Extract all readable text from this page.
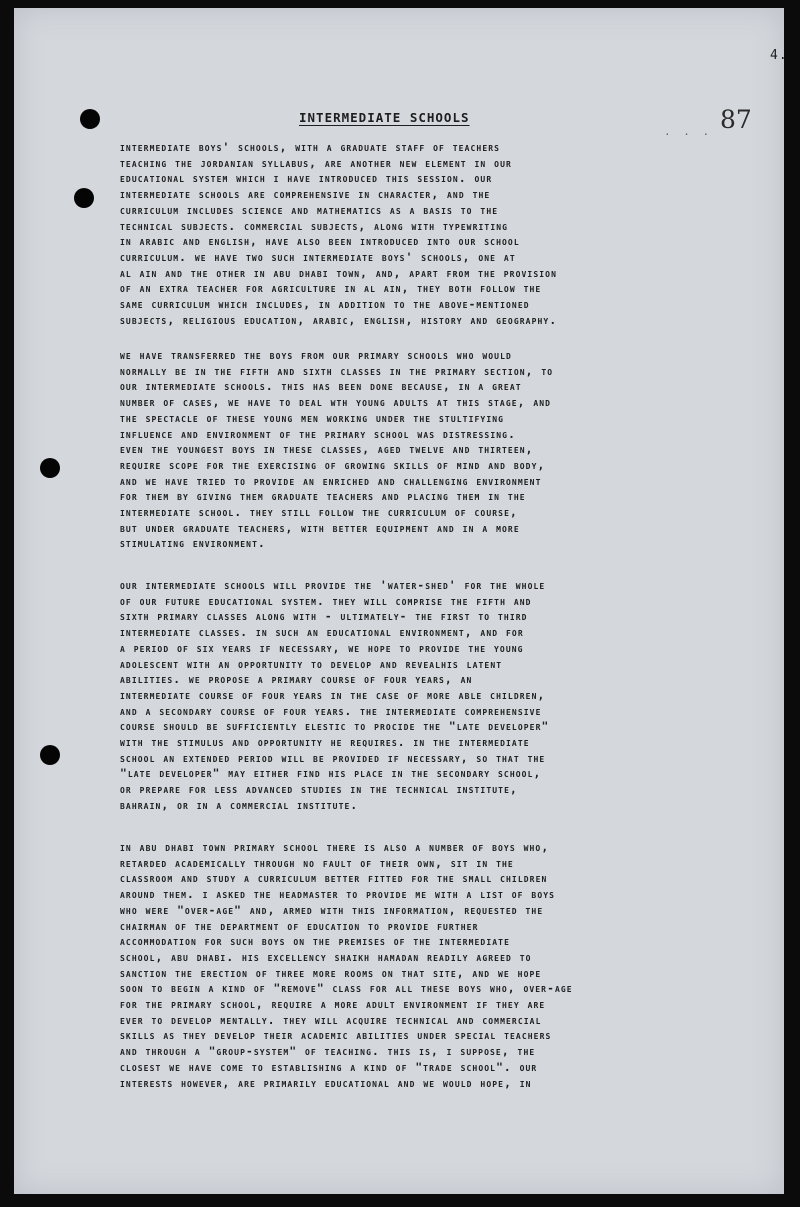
4.
· · ·
87
INTERMEDIATE SCHOOLS

intermediate boys' schools, with a graduate staff of teachers
teaching the jordanian syllabus, are another new element in our
educational system which i have introduced this session. our
intermediate schools are comprehensive in character, and the
curriculum includes science and mathematics as a basis to the
technical subjects. commercial subjects, along with typewriting
in arabic and english, have also been introduced into our school
curriculum. we have two such intermediate boys' schools, one at
al ain and the other in abu dhabi town, and, apart from the provision
of an extra teacher for agriculture in al ain, they both follow the
same curriculum which includes, in addition to the above-mentioned
subjects, religious education, arabic, english, history and geography.

we have transferred the boys from our primary schools who would
normally be in the fifth and sixth classes in the primary section, to
our intermediate schools. this has been done because, in a great
number of cases, we have to deal wth young adults at this stage, and
the spectacle of these young men working under the stultifying
influence and environment of the primary school was distressing.
even the youngest boys in these classes, aged twelve and thirteen,
require scope for the exercising of growing skills of mind and body,
and we have tried to provide an enriched and challenging environment
for them by giving them graduate teachers and placing them in the
intermediate school. they still follow the curriculum of course,
but under graduate teachers, with better equipment and in a more
stimulating environment.

our intermediate schools will provide the 'water-shed' for the whole
of our future educational system. they will comprise the fifth and
sixth primary classes along with - ultimately- the first to third
intermediate classes. in such an educational environment, and for
a period of six years if necessary, we hope to provide the young
adolescent with an opportunity to develop and revealhis latent
abilities. we propose a primary course of four years, an
intermediate course of four years in the case of more able children,
and a secondary course of four years. the intermediate comprehensive
course should be sufficiently elestic to procide the "late developer"
with the stimulus and opportunity he requires. in the intermediate
school an extended period will be provided if necessary, so that the
"late developer" may either find his place in the secondary school,
or prepare for less advanced studies in the technical institute,
bahrain, or in a commercial institute.

in abu dhabi town primary school there is also a number of boys who,
retarded academically through no fault of their own, sit in the
classroom and study a curriculum better fitted for the small children
around them. i asked the headmaster to provide me with a list of boys
who were "over-age" and, armed with this information, requested the
chairman of the department of education to provide further
accommodation for such boys on the premises of the intermediate
school, abu dhabi. his excellency shaikh hamadan readily agreed to
sanction the erection of three more rooms on that site, and we hope
soon to begin a kind of "remove" class for all these boys who, over-age
for the primary school, require a more adult environment if they are
ever to develop mentally. they will acquire technical and commercial
skills as they develop their academic abilities under special teachers
and through a "group-system" of teaching. this is, i suppose, the
closest we have come to establishing a kind of "trade school". our
interests however, are primarily educational and we would hope, in
